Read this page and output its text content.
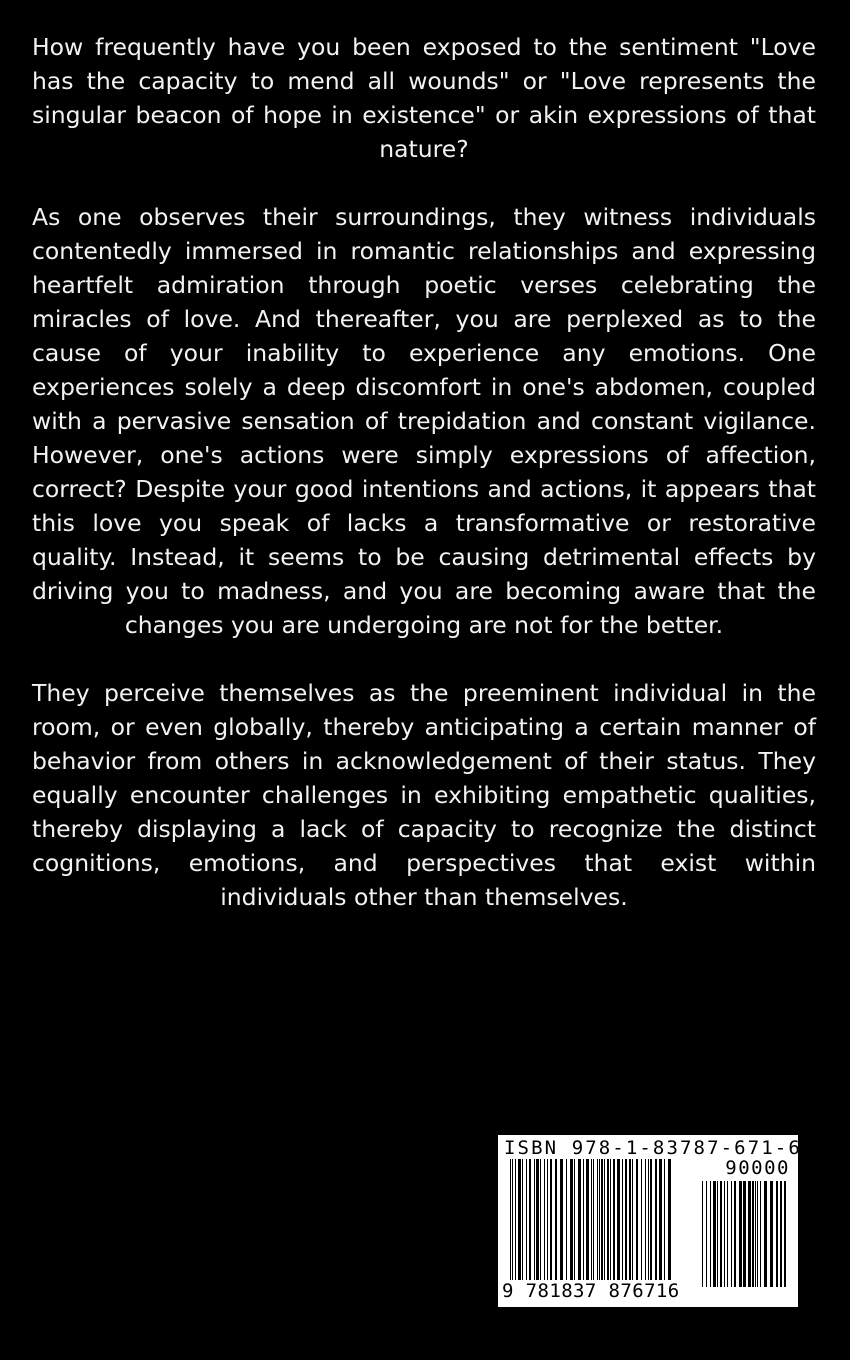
How frequently have you been exposed to the sentiment "Love has the capacity to mend all wounds" or "Love represents the singular beacon of hope in existence" or akin expressions of that nature?

As one observes their surroundings, they witness individuals contentedly immersed in romantic relationships and expressing heartfelt admiration through poetic verses celebrating the miracles of love. And thereafter, you are perplexed as to the cause of your inability to experience any emotions. One experiences solely a deep discomfort in one's abdomen, coupled with a pervasive sensation of trepidation and constant vigilance. However, one's actions were simply expressions of affection, correct? Despite your good intentions and actions, it appears that this love you speak of lacks a transformative or restorative quality. Instead, it seems to be causing detrimental effects by driving you to madness, and you are becoming aware that the changes you are undergoing are not for the better.

They perceive themselves as the preeminent individual in the room, or even globally, thereby anticipating a certain manner of behavior from others in acknowledgement of their status. They equally encounter challenges in exhibiting empathetic qualities, thereby displaying a lack of capacity to recognize the distinct cognitions, emotions, and perspectives that exist within individuals other than themselves.

ISBN 978-1-83787-671-6
90000
9 781837 876716
